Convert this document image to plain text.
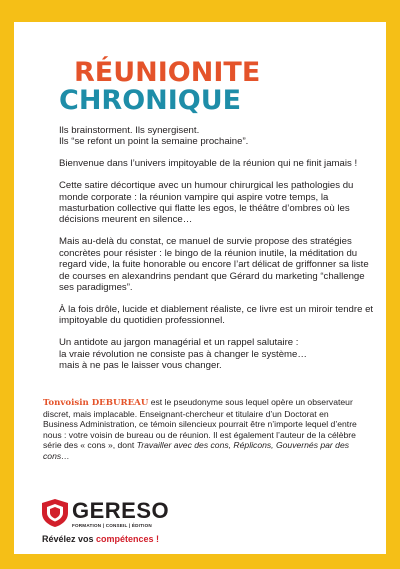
RÉUNIONITE
CHRONIQUE

Ils brainstorment. Ils synergisent.
Ils “se refont un point la semaine prochaine”.

Bienvenue dans l’univers impitoyable de la réunion qui ne finit jamais !

Cette satire décortique avec un humour chirurgical les pathologies du monde corporate : la réunion vampire qui aspire votre temps, la masturbation collective qui flatte les egos, le théâtre d’ombres où les décisions meurent en silence…

Mais au-delà du constat, ce manuel de survie propose des stratégies concrètes pour résister : le bingo de la réunion inutile, la méditation du regard vide, la fuite honorable ou encore l’art délicat de griffonner sa liste de courses en alexandrins pendant que Gérard du marketing “challenge ses paradigmes”.

À la fois drôle, lucide et diablement réaliste, ce livre est un miroir tendre et impitoyable du quotidien professionnel.

Un antidote au jargon managérial et un rappel salutaire :
la vraie révolution ne consiste pas à changer le système…
mais à ne pas le laisser vous changer.

Tonvoisin DEBUREAU est le pseudonyme sous lequel opère un observateur discret, mais implacable. Enseignant-chercheur et titulaire d’un Doctorat en Business Administration, ce témoin silencieux pourrait être n’importe lequel d’entre nous : votre voisin de bureau ou de réunion. Il est également l’auteur de la célèbre série des « cons », dont Travailler avec des cons, Réplicons, Gouvernés par des cons…
GERESO
FORMATION | CONSEIL | ÉDITION
Révélez vos compétences !
